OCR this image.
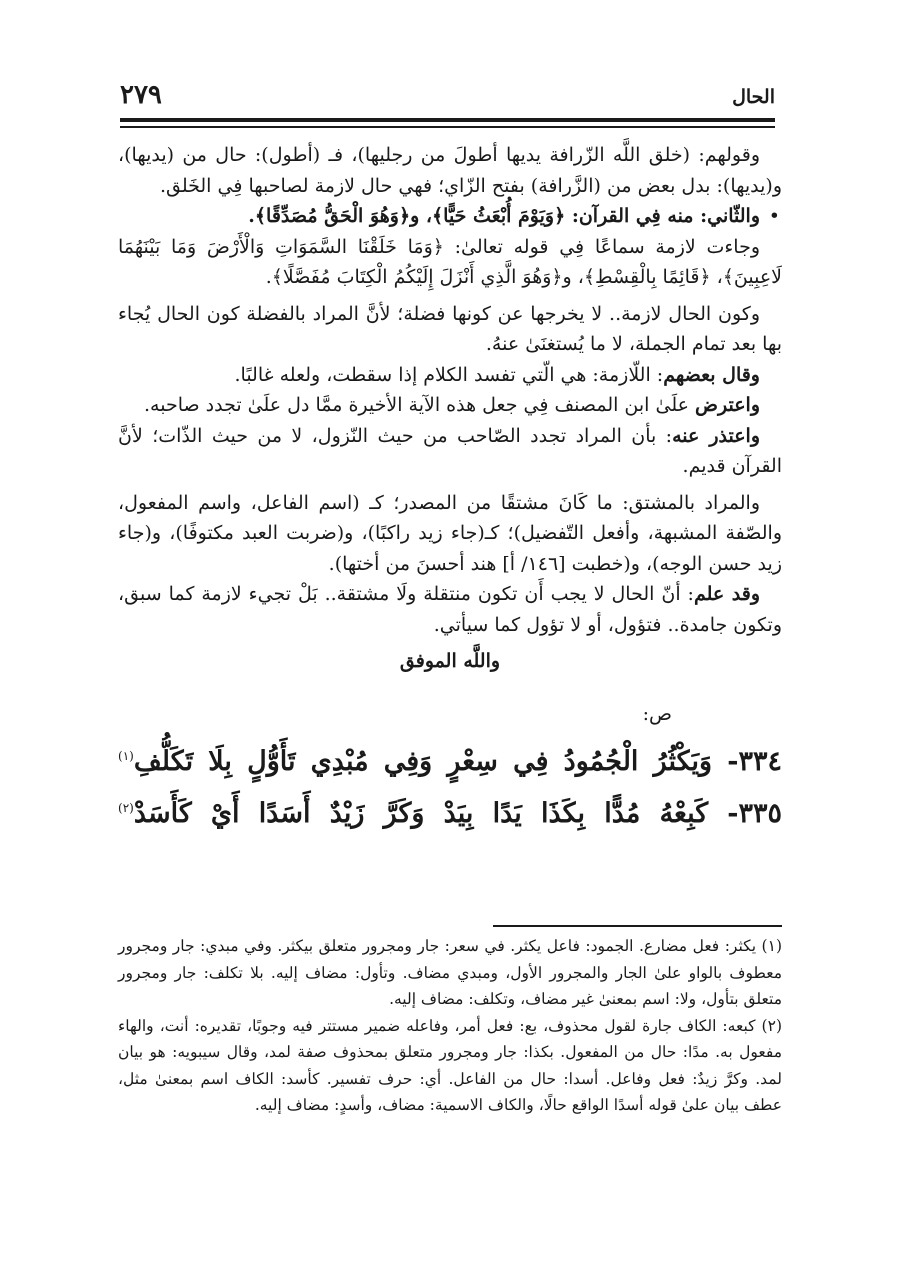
الحال
٢٧٩

وقولهم: (خلق اللَّه الزّرافة يديها أطولَ من رجليها)، فـ (أطول): حال من (يديها)، و(يديها): بدل بعض من (الزَّرافة) بفتح الزّاي؛ فهي حال لازمة لصاحبها فِي الخَلق.

•
والثّاني: منه فِي القرآن: ﴿وَيَوْمَ أُبْعَثُ حَيًّا﴾، و﴿وَهُوَ الْحَقُّ مُصَدِّقًا﴾.

وجاءت لازمة سماعًا فِي قوله تعالىٰ: ﴿وَمَا خَلَقْنَا السَّمَوَاتِ وَالْأَرْضَ وَمَا بَيْنَهُمَا لَاعِبِينَ﴾، ﴿قَائِمًا بِالْقِسْطِ﴾، و﴿وَهُوَ الَّذِي أَنْزَلَ إِلَيْكُمُ الْكِتَابَ مُفَصَّلًا﴾.

وكون الحال لازمة.. لا يخرجها عن كونها فضلة؛ لأنَّ المراد بالفضلة كون الحال يُجاء بها بعد تمام الجملة، لا ما يُستغنَىٰ عنهُ.

وقال بعضهم: اللّازمة: هي الّتي تفسد الكلام إذا سقطت، ولعله غالبًا.

واعترض علَىٰ ابن المصنف فِي جعل هذه الآية الأخيرة ممَّا دل علَىٰ تجدد صاحبه.

واعتذر عنه: بأن المراد تجدد الصّاحب من حيث النّزول، لا من حيث الذّات؛ لأنَّ القرآن قديم.

والمراد بالمشتق: ما كَانَ مشتقًا من المصدر؛ كـ (اسم الفاعل، واسم المفعول، والصّفة المشبهة، وأفعل التّفضيل)؛ كـ(جاء زيد راكبًا)، و(ضربت العبد مكتوفًا)، و(جاء زيد حسن الوجه)، و(خطبت [١٤٦/ أ] هند أحسنَ من أختها).

وقد علم: أنّ الحال لا يجب أَن تكون منتقلة ولَا مشتقة.. بَلْ تجيء لازمة كما سبق، وتكون جامدة.. فتؤول، أو لا تؤول كما سيأتي.

واللَّه الموفق

ص:

٣٣٤- وَيَكْثُرُ الْجُمُودُ فِي سِعْرٍ وَفِي مُبْدِي تَأَوُّلٍ بِلَا تَكَلُّفِ$^{(١)}$
٣٣٥- كَبِعْهُ مُدًّا بِكَذَا يَدًا بِيَدْ وَكَرَّ زَيْدٌ أَسَدًا أَيْ كَأَسَدْ$^{(٢)}$

(١) يكثر: فعل مضارع. الجمود: فاعل يكثر. في سعر: جار ومجرور متعلق بيكثر. وفي مبدي: جار ومجرور معطوف بالواو علىٰ الجار والمجرور الأول، ومبدي مضاف. وتأول: مضاف إليه. بلا تكلف: جار ومجرور متعلق بتأول، ولا: اسم بمعنىٰ غير مضاف، وتكلف: مضاف إليه.

(٢) كبعه: الكاف جارة لقول محذوف، بع: فعل أمر، وفاعله ضمير مستتر فيه وجوبًا، تقديره: أنت، والهاء مفعول به. مدًا: حال من المفعول. بكذا: جار ومجرور متعلق بمحذوف صفة لمد، وقال سيبويه: هو بيان لمد. وكرَّ زيدٌ: فعل وفاعل. أسدا: حال من الفاعل. أي: حرف تفسير. كأسد: الكاف اسم بمعنىٰ مثل، عطف بيان علىٰ قوله أسدًا الواقع حالًا، والكاف الاسمية: مضاف، وأسدٍ: مضاف إليه.
